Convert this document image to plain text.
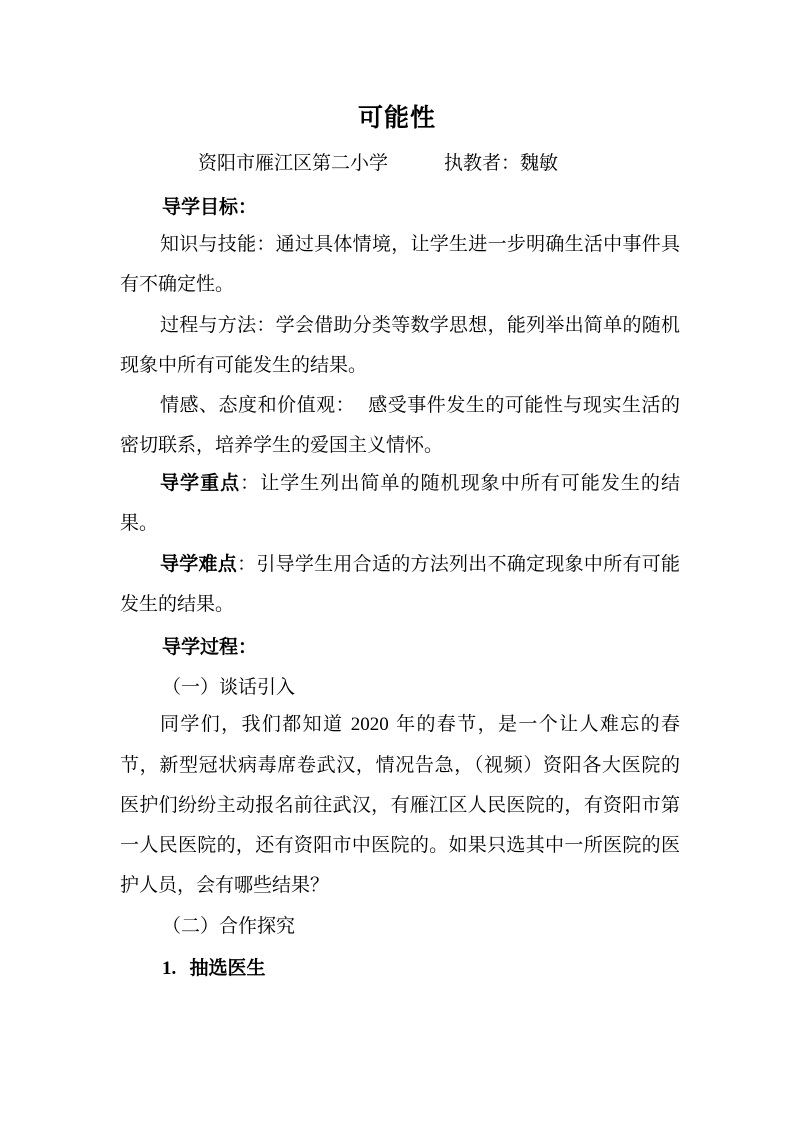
可能性
资阳市雁江区第二小学	执教者：魏敏
导学目标：
知识与技能：通过具体情境，让学生进一步明确生活中事件具有不确定性。
过程与方法：学会借助分类等数学思想，能列举出简单的随机现象中所有可能发生的结果。
情感、态度和价值观：  感受事件发生的可能性与现实生活的密切联系，培养学生的爱国主义情怀。
导学重点：让学生列出简单的随机现象中所有可能发生的结果。
导学难点：引导学生用合适的方法列出不确定现象中所有可能发生的结果。
导学过程：
（一）谈话引入
同学们，我们都知道 2020 年的春节，是一个让人难忘的春节，新型冠状病毒席卷武汉，情况告急，（视频）资阳各大医院的医护们纷纷主动报名前往武汉，有雁江区人民医院的，有资阳市第一人民医院的，还有资阳市中医院的。如果只选其中一所医院的医护人员，会有哪些结果？
（二）合作探究
1. 抽选医生
